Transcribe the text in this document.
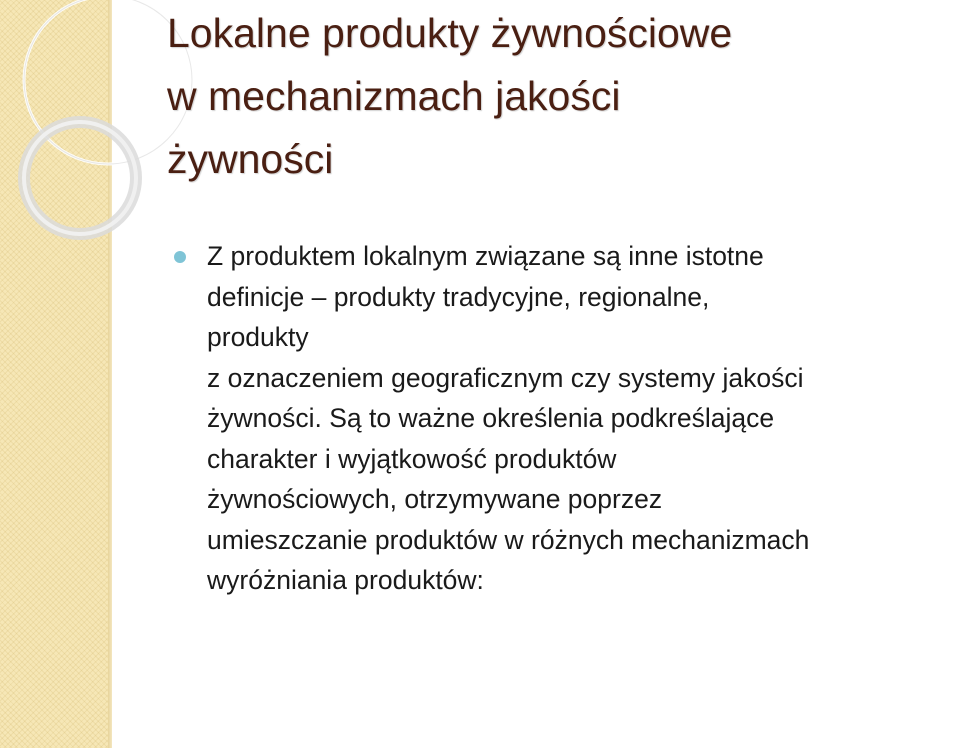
Lokalne produkty żywnościowe
w mechanizmach jakości
żywności
Z produktem lokalnym związane są inne istotne
definicje – produkty tradycyjne, regionalne,
produkty
z oznaczeniem geograficznym czy systemy jakości
żywności. Są to ważne określenia podkreślające
charakter i wyjątkowość produktów
żywnościowych, otrzymywane poprzez
umieszczanie produktów w różnych mechanizmach
wyróżniania produktów:
